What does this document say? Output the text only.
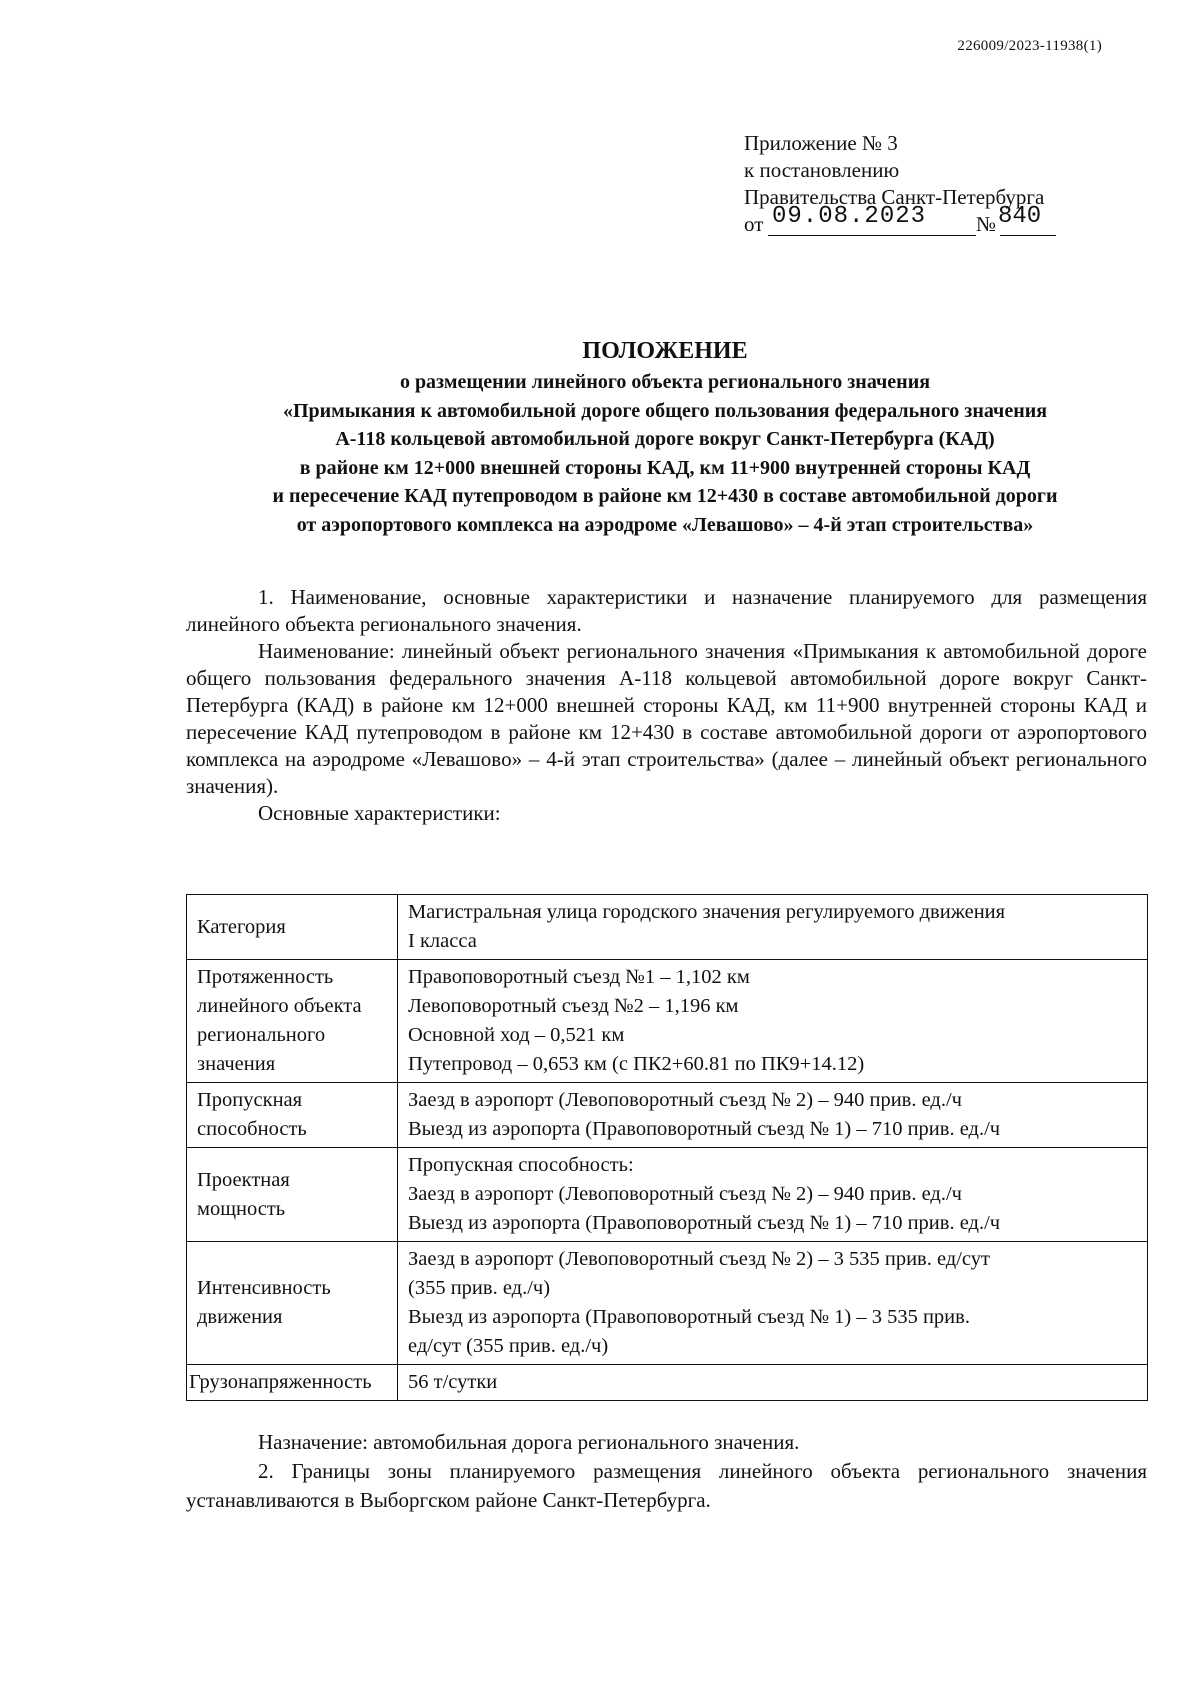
226009/2023-11938(1)
Приложение № 3
к постановлению
Правительства Санкт-Петербурга
от 09.08.2023 № 840
ПОЛОЖЕНИЕ
о размещении линейного объекта регионального значения
«Примыкания к автомобильной дороге общего пользования федерального значения
А-118 кольцевой автомобильной дороге вокруг Санкт-Петербурга (КАД)
в районе км 12+000 внешней стороны КАД, км 11+900 внутренней стороны КАД
и пересечение КАД путепроводом в районе км 12+430 в составе автомобильной дороги
от аэропортового комплекса на аэродроме «Левашово» – 4-й этап строительства»

1. Наименование, основные характеристики и назначение планируемого для размещения линейного объекта регионального значения.

Наименование: линейный объект регионального значения «Примыкания к автомобильной дороге общего пользования федерального значения А-118 кольцевой автомобильной дороге вокруг Санкт-Петербурга (КАД) в районе км 12+000 внешней стороны КАД, км 11+900 внутренней стороны КАД и пересечение КАД путепроводом в районе км 12+430 в составе автомобильной дороги от аэропортового комплекса на аэродроме «Левашово» – 4-й этап строительства» (далее – линейный объект регионального значения).

Основные характеристики:

Категория	Магистральная улица городского значения регулируемого движения
I класса

Протяженность
линейного объекта
регионального
значения	Правоповоротный съезд №1 – 1,102 км
Левоповоротный съезд №2 – 1,196 км
Основной ход – 0,521 км
Путепровод – 0,653 км (с ПК2+60.81 по ПК9+14.12)

Пропускная
способность	Заезд в аэропорт (Левоповоротный съезд № 2) – 940 прив. ед./ч
Выезд из аэропорта (Правоповоротный съезд № 1) – 710 прив. ед./ч

Проектная
мощность	Пропускная способность:
Заезд в аэропорт (Левоповоротный съезд № 2) – 940 прив. ед./ч
Выезд из аэропорта (Правоповоротный съезд № 1) – 710 прив. ед./ч

Интенсивность
движения	Заезд в аэропорт (Левоповоротный съезд № 2) – 3 535 прив. ед/сут
(355 прив. ед./ч)
Выезд из аэропорта (Правоповоротный съезд № 1) – 3 535 прив.
ед/сут (355 прив. ед./ч)

Грузонапряженность	56 т/сутки

Назначение: автомобильная дорога регионального значения.

2. Границы зоны планируемого размещения линейного объекта регионального значения устанавливаются в Выборгском районе Санкт-Петербурга.
